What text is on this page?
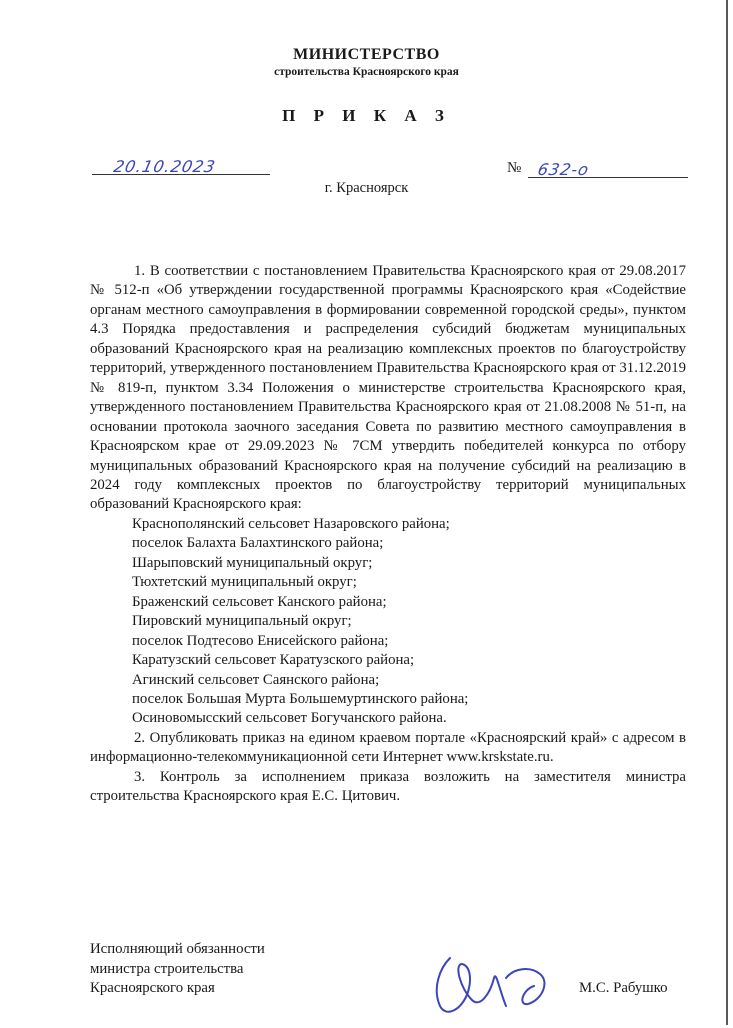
МИНИСТЕРСТВО
строительства Красноярского края
П Р И К А З
20.10.2023	№ 632-о
г. Красноярск

1. В соответствии с постановлением Правительства Красноярского края от 29.08.2017 № 512-п «Об утверждении государственной программы Красноярского края «Содействие органам местного самоуправления в формировании современной городской среды», пунктом 4.3 Порядка предоставления и распределения субсидий бюджетам муниципальных образований Красноярского края на реализацию комплексных проектов по благоустройству территорий, утвержденного постановлением Правительства Красноярского края от 31.12.2019 № 819-п, пунктом 3.34 Положения о министерстве строительства Красноярского края, утвержденного постановлением Правительства Красноярского края от 21.08.2008 № 51-п, на основании протокола заочного заседания Совета по развитию местного самоуправления в Красноярском крае от 29.09.2023 № 7СМ утвердить победителей конкурса по отбору муниципальных образований Красноярского края на получение субсидий на реализацию в 2024 году комплексных проектов по благоустройству территорий муниципальных образований Красноярского края:

Краснополянский сельсовет Назаровского района;
поселок Балахта Балахтинского района;
Шарыповский муниципальный округ;
Тюхтетский муниципальный округ;
Браженский сельсовет Канского района;
Пировский муниципальный округ;
поселок Подтесово Енисейского района;
Каратузский сельсовет Каратузского района;
Агинский сельсовет Саянского района;
поселок Большая Мурта Большемуртинского района;
Осиновомысский сельсовет Богучанского района.

2. Опубликовать приказ на едином краевом портале «Красноярский край» с адресом в информационно-телекоммуникационной сети Интернет www.krskstate.ru.

3. Контроль за исполнением приказа возложить на заместителя министра строительства Красноярского края Е.С. Цитович.

Исполняющий обязанности
министра строительства
Красноярского края	М.С. Рабушко
